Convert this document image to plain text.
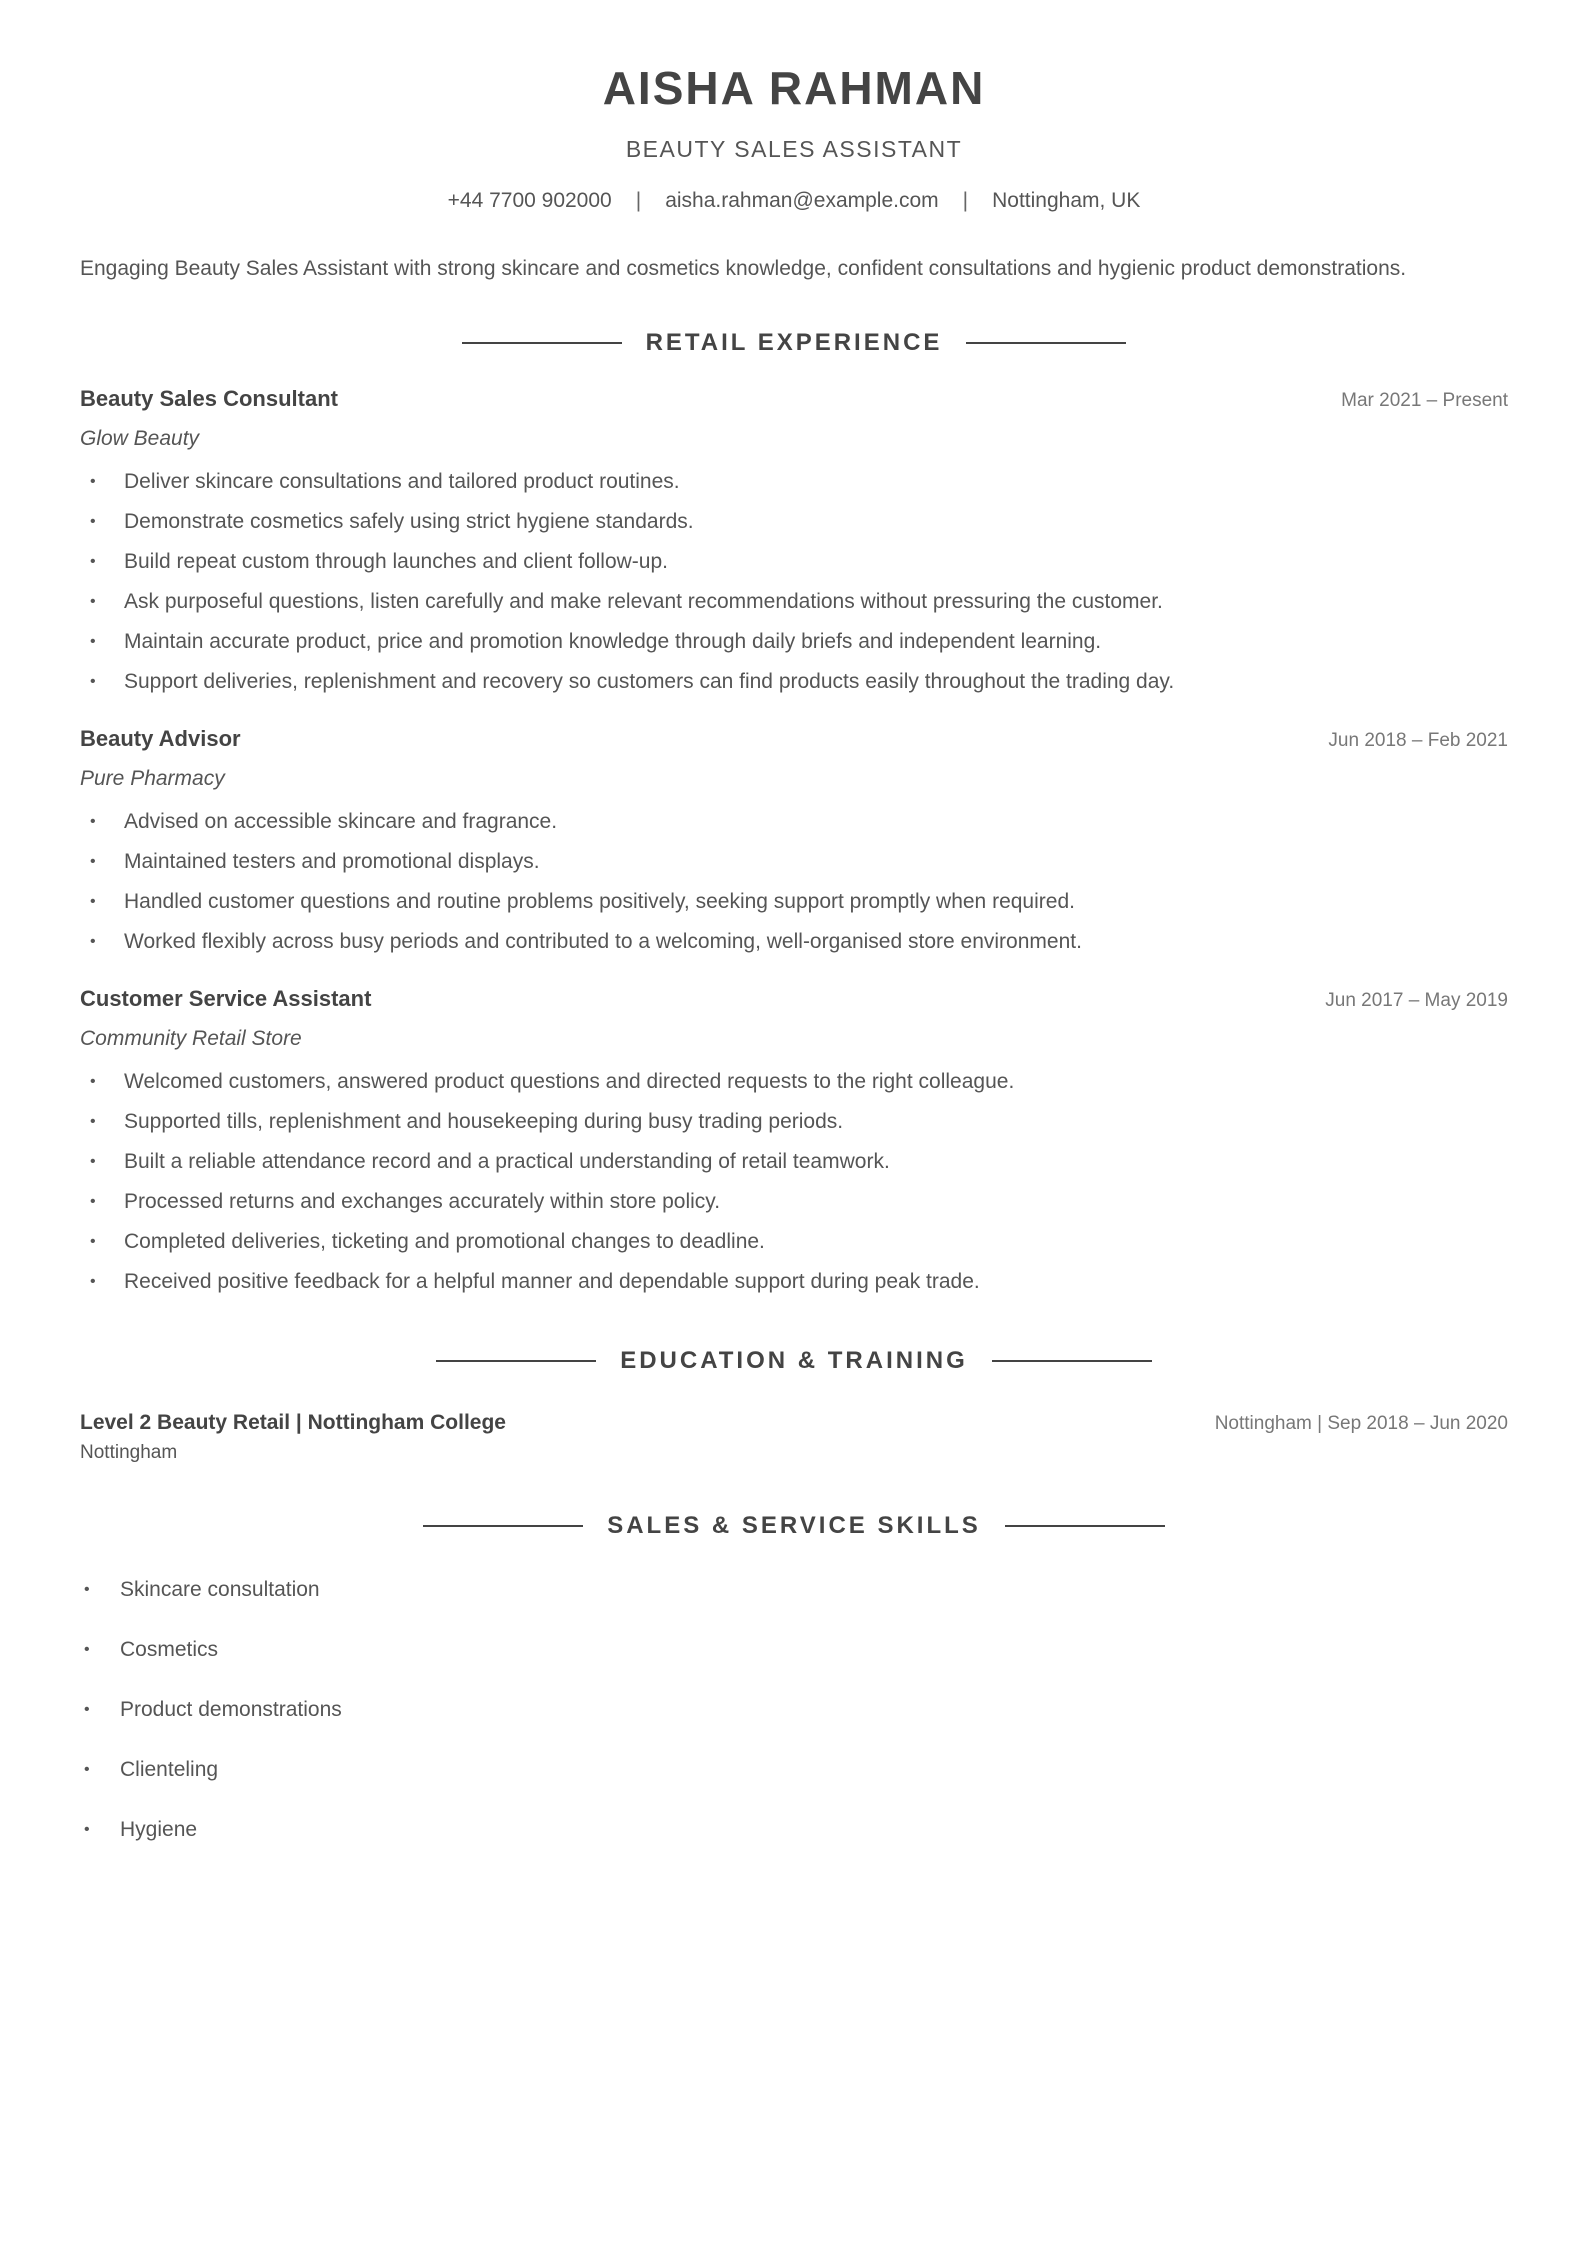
AISHA RAHMAN
BEAUTY SALES ASSISTANT
+44 7700 902000 | aisha.rahman@example.com | Nottingham, UK
Engaging Beauty Sales Assistant with strong skincare and cosmetics knowledge, confident consultations and hygienic product demonstrations.
RETAIL EXPERIENCE
Beauty Sales Consultant	Mar 2021 – Present
Glow Beauty
• Deliver skincare consultations and tailored product routines.
• Demonstrate cosmetics safely using strict hygiene standards.
• Build repeat custom through launches and client follow-up.
• Ask purposeful questions, listen carefully and make relevant recommendations without pressuring the customer.
• Maintain accurate product, price and promotion knowledge through daily briefs and independent learning.
• Support deliveries, replenishment and recovery so customers can find products easily throughout the trading day.
Beauty Advisor	Jun 2018 – Feb 2021
Pure Pharmacy
• Advised on accessible skincare and fragrance.
• Maintained testers and promotional displays.
• Handled customer questions and routine problems positively, seeking support promptly when required.
• Worked flexibly across busy periods and contributed to a welcoming, well-organised store environment.
Customer Service Assistant	Jun 2017 – May 2019
Community Retail Store
• Welcomed customers, answered product questions and directed requests to the right colleague.
• Supported tills, replenishment and housekeeping during busy trading periods.
• Built a reliable attendance record and a practical understanding of retail teamwork.
• Processed returns and exchanges accurately within store policy.
• Completed deliveries, ticketing and promotional changes to deadline.
• Received positive feedback for a helpful manner and dependable support during peak trade.
EDUCATION & TRAINING
Level 2 Beauty Retail | Nottingham College	Nottingham | Sep 2018 – Jun 2020
Nottingham
SALES & SERVICE SKILLS
• Skincare consultation
• Cosmetics
• Product demonstrations
• Clienteling
• Hygiene
